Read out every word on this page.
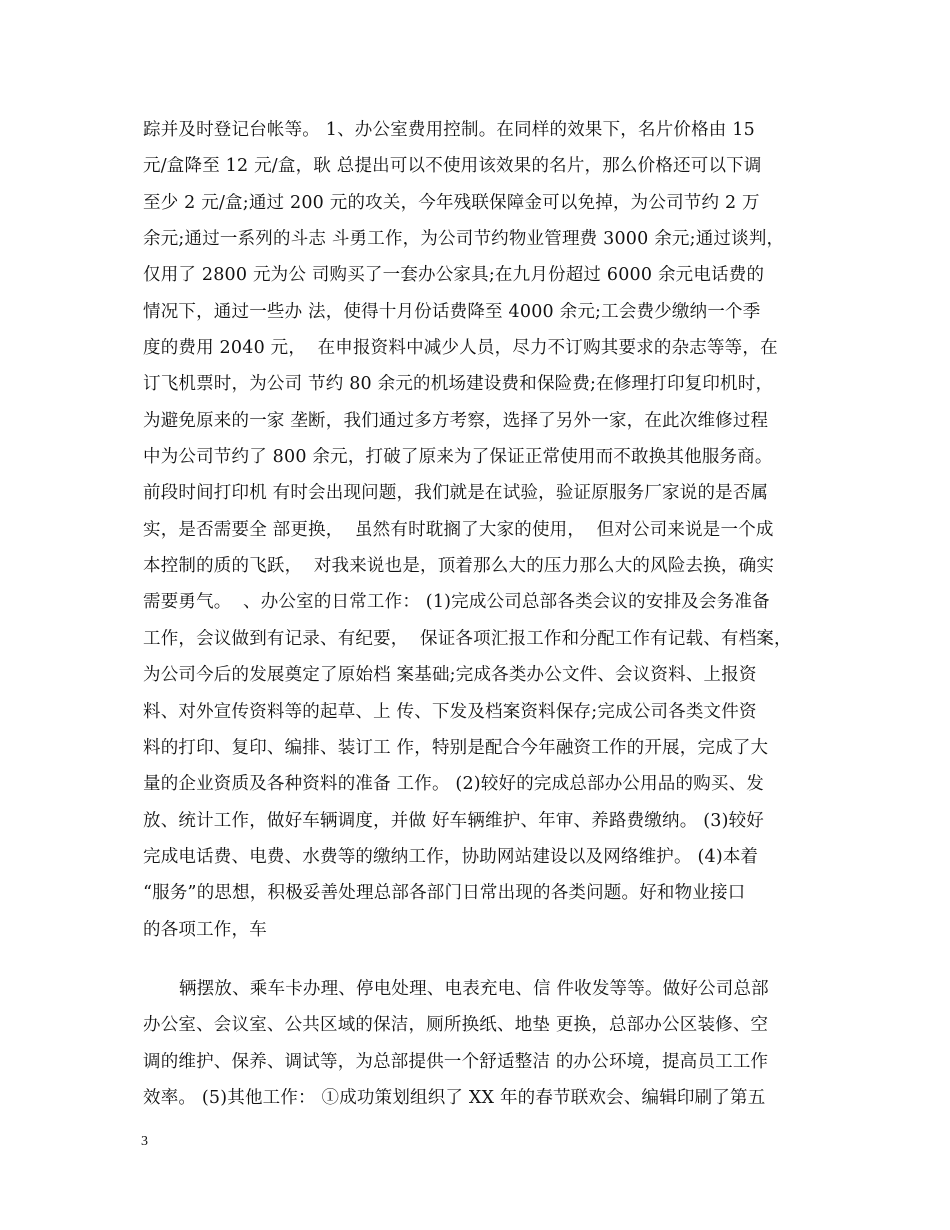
踪并及时登记台帐等。 1、办公室费用控制。在同样的效果下，名片价格由 15
元/盒降至 12 元/盒，耿 总提出可以不使用该效果的名片，那么价格还可以下调
至少 2 元/盒;通过 200 元的攻关，今年残联保障金可以免掉，为公司节约 2 万
余元;通过一系列的斗志 斗勇工作，为公司节约物业管理费 3000 余元;通过谈判，
仅用了 2800 元为公 司购买了一套办公家具;在九月份超过 6000 余元电话费的
情况下，通过一些办 法，使得十月份话费降至 4000 余元;工会费少缴纳一个季
度的费用 2040 元，  在申报资料中减少人员，尽力不订购其要求的杂志等等，在
订飞机票时，为公司 节约 80 余元的机场建设费和保险费;在修理打印复印机时，
为避免原来的一家 垄断，我们通过多方考察，选择了另外一家，在此次维修过程
中为公司节约了 800 余元，打破了原来为了保证正常使用而不敢换其他服务商。
前段时间打印机 有时会出现问题，我们就是在试验，验证原服务厂家说的是否属
实，是否需要全 部更换，  虽然有时耽搁了大家的使用，  但对公司来说是一个成
本控制的质的飞跃，  对我来说也是，顶着那么大的压力那么大的风险去换，确实
需要勇气。  、办公室的日常工作： (1)完成公司总部各类会议的安排及会务准备
工作，会议做到有记录、有纪要，  保证各项汇报工作和分配工作有记载、有档案，
为公司今后的发展奠定了原始档 案基础;完成各类办公文件、会议资料、上报资
料、对外宣传资料等的起草、上 传、下发及档案资料保存;完成公司各类文件资
料的打印、复印、编排、装订工 作，特别是配合今年融资工作的开展，完成了大
量的企业资质及各种资料的准备 工作。 (2)较好的完成总部办公用品的购买、发
放、统计工作，做好车辆调度，并做 好车辆维护、年审、养路费缴纳。 (3)较好
完成电话费、电费、水费等的缴纳工作，协助网站建设以及网络维护。 (4)本着
“服务”的思想，积极妥善处理总部各部门日常出现的各类问题。好和物业接口
的各项工作，车
辆摆放、乘车卡办理、停电处理、电表充电、信 件收发等等。做好公司总部
办公室、会议室、公共区域的保洁，厕所换纸、地垫 更换，总部办公区装修、空
调的维护、保养、调试等，为总部提供一个舒适整洁 的办公环境，提高员工工作
效率。 (5)其他工作： ①成功策划组织了 XX 年的春节联欢会、编辑印刷了第五
3
